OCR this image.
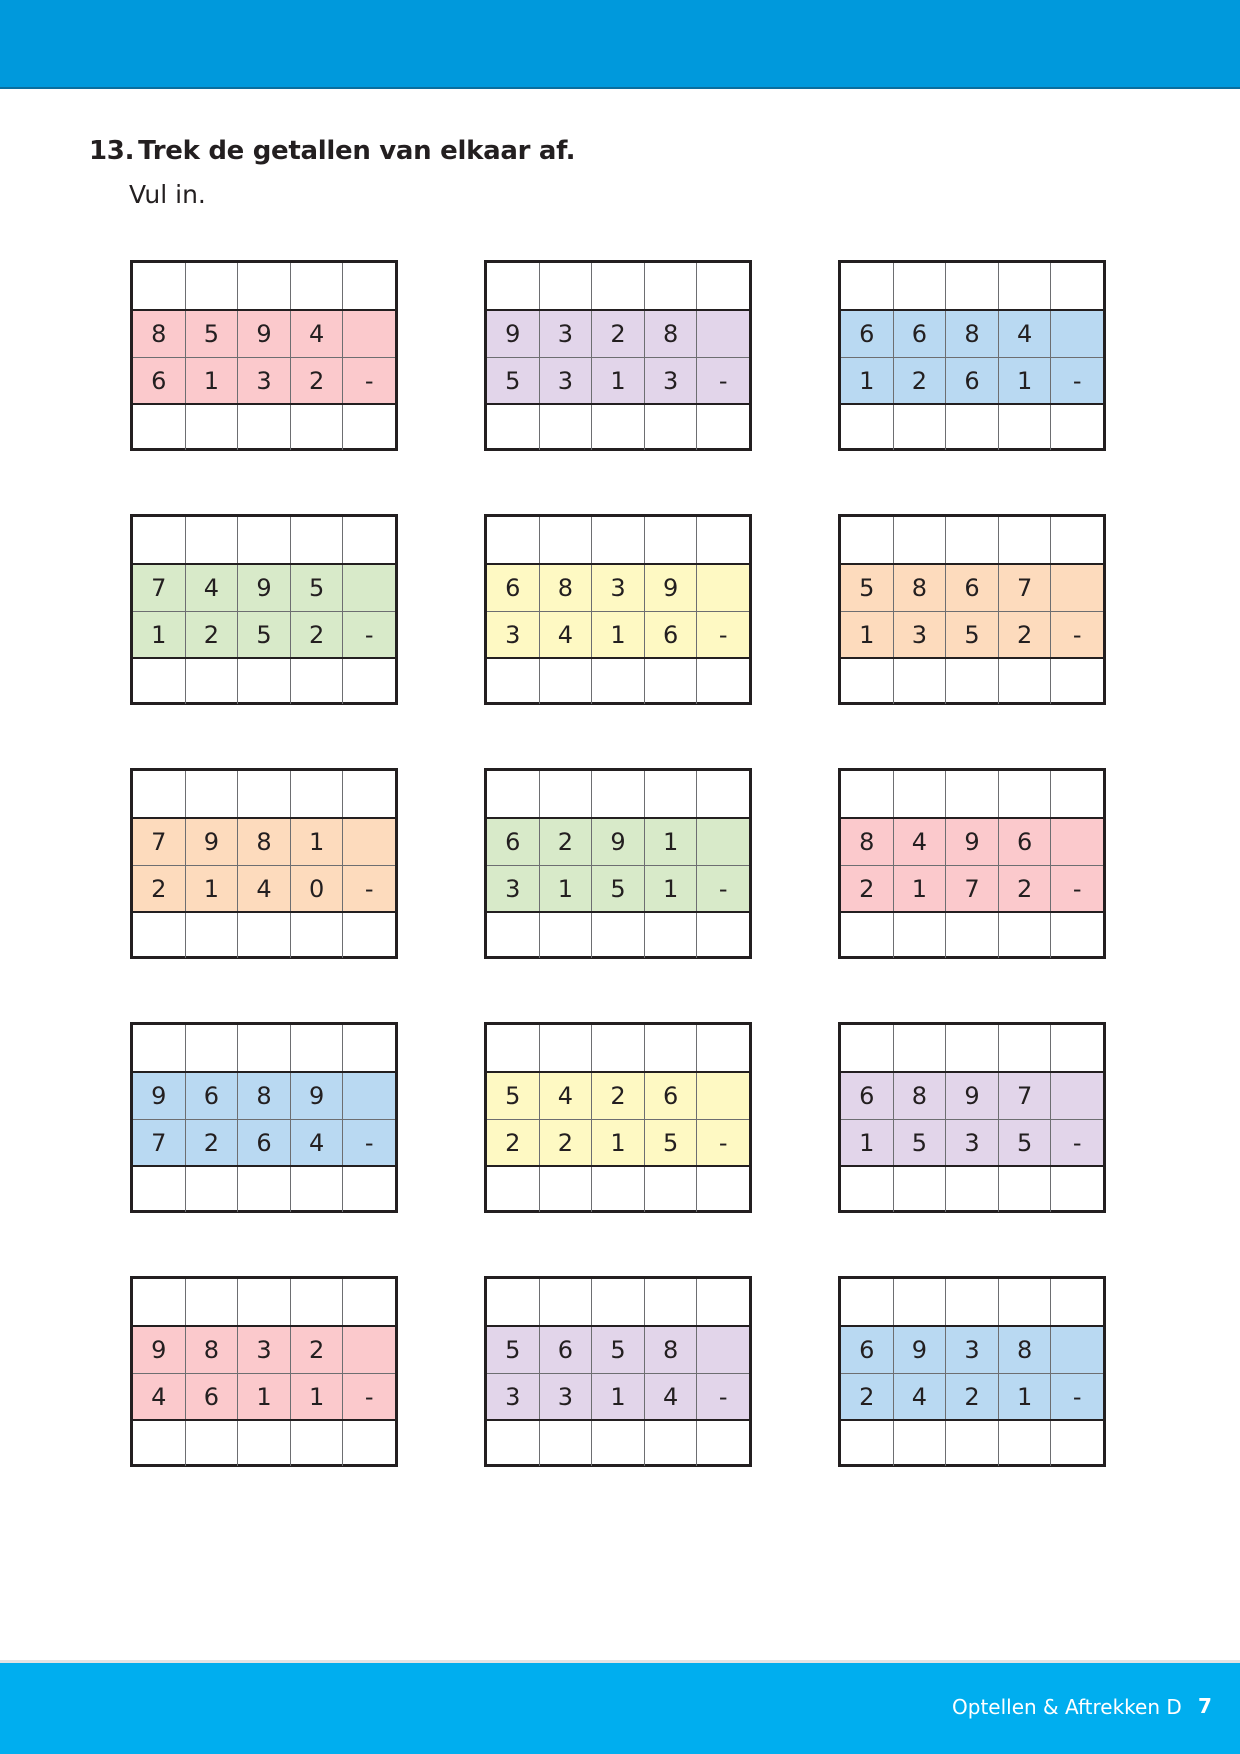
13. Trek de getallen van elkaar af.
Vul in.
8	5	9	4
6	1	3	2	-
9	3	2	8
5	3	1	3	-
6	6	8	4
1	2	6	1	-
7	4	9	5
1	2	5	2	-
6	8	3	9
3	4	1	6	-
5	8	6	7
1	3	5	2	-
7	9	8	1
2	1	4	0	-
6	2	9	1
3	1	5	1	-
8	4	9	6
2	1	7	2	-
9	6	8	9
7	2	6	4	-
5	4	2	6
2	2	1	5	-
6	8	9	7
1	5	3	5	-
9	8	3	2
4	6	1	1	-
5	6	5	8
3	3	1	4	-
6	9	3	8
2	4	2	1	-
Optellen & Aftrekken D 7
